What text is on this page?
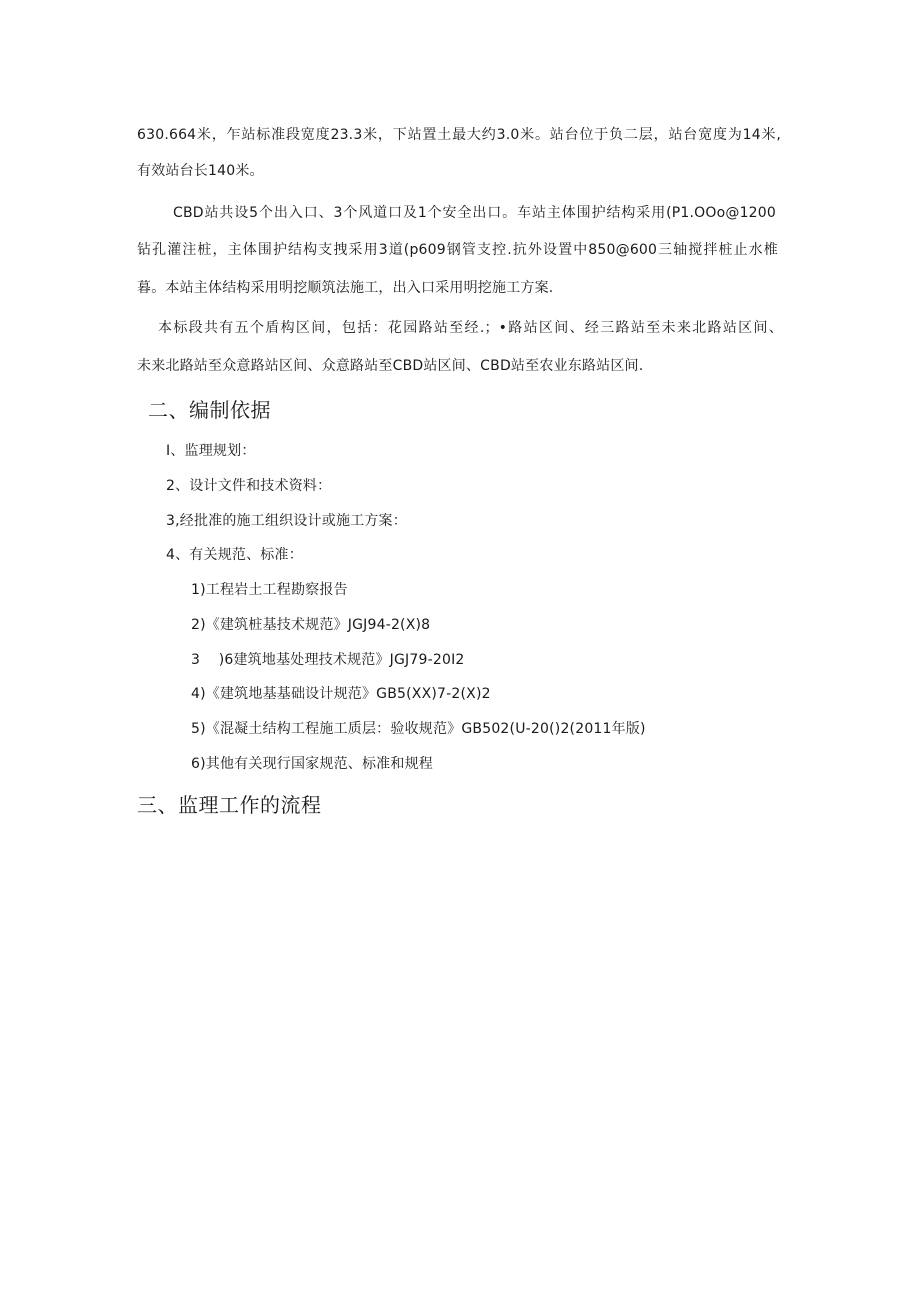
630.664米，乍站标准段宽度23.3米，下站置土最大约3.0米。站台位于负二层，站台宽度为14米,
有效站台长140米。
CBD站共设5个出入口、3个风道口及1个安全出口。车站主体围护结构采用(P1.OOo@1200
钻孔灌注桩，主体围护结构支拽采用3道(p609钢管支控.抗外设置中850@600三轴搅拌桩止水椎
暮。本站主体结构采用明挖顺筑法施工，出入口采用明挖施工方案.
本标段共有五个盾构区间，包括：花园路站至经.；•路站区间、经三路站至未来北路站区间、
未来北路站至众意路站区间、众意路站至CBD站区间、CBD站至农业东路站区间.
二、编制依据
I、监理规划：
2、设计文件和技术资料：
3,经批准的施工组织设计或施工方案：
4、有关规范、标准：
1)工程岩土工程勘察报告
2)《建筑桩基技术规范》JGJ94-2(X)8
3    )6建筑地基处理技术规范》JGJ79-20I2
4)《建筑地基基础设计规范》GB5(XX)7-2(X)2
5)《混凝土结构工程施工质层：验收规范》GB502(U-20()2(2011年版)
6)其他有关现行国家规范、标准和规程
三、监理工作的流程
